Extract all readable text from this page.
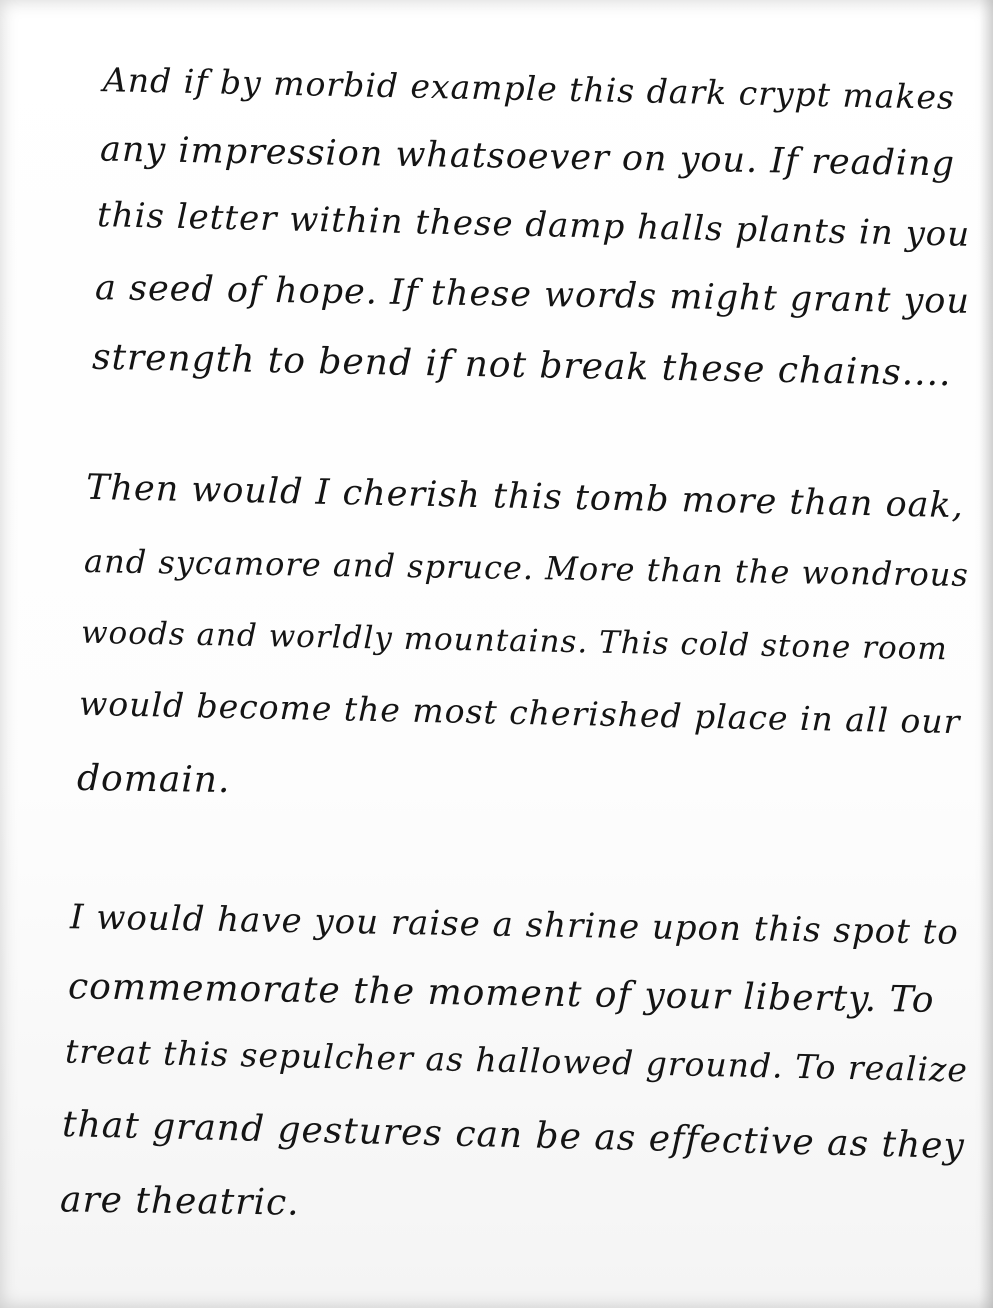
And if by morbid example this dark crypt makes
any impression whatsoever on you. If reading
this letter within these damp halls plants in you
a seed of hope. If these words might grant you
strength to bend if not break these chains....
Then would I cherish this tomb more than oak,
and sycamore and spruce. More than the wondrous
woods and worldly mountains. This cold stone room
would become the most cherished place in all our
domain.
I would have you raise a shrine upon this spot to
commemorate the moment of your liberty. To
treat this sepulcher as hallowed ground. To realize
that grand gestures can be as effective as they
are theatric.
